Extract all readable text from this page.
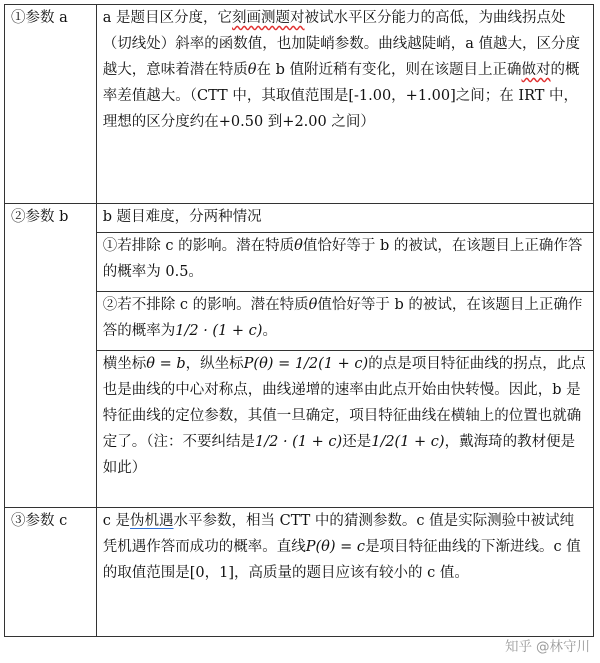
①参数 a	a 是题目区分度，它刻画测题对被试水平区分能力的高低，为曲线拐点处（切线处）斜率的函数值，也加陡峭参数。曲线越陡峭，a 值越大，区分度越大，意味着潜在特质θ在 b 值附近稍有变化，则在该题目上正确做对的概率差值越大。（CTT 中，其取值范围是[-1.00，+1.00]之间；在 IRT 中，理想的区分度约在+0.50 到+2.00 之间）
②参数 b	b 题目难度，分两种情况
	①若排除 c 的影响。潜在特质θ值恰好等于 b 的被试，在该题目上正确作答的概率为 0.5。
	②若不排除 c 的影响。潜在特质θ值恰好等于 b 的被试，在该题目上正确作答的概率为1/2 · (1 + c)。
	横坐标θ = b，纵坐标P(θ) = 1/2(1 + c)的点是项目特征曲线的拐点，此点也是曲线的中心对称点，曲线递增的速率由此点开始由快转慢。因此，b 是特征曲线的定位参数，其值一旦确定，项目特征曲线在横轴上的位置也就确定了。（注：不要纠结是1/2 · (1 + c)还是1/2(1 + c)，戴海琦的教材便是如此）
③参数 c	c 是伪机遇水平参数，相当 CTT 中的猜测参数。c 值是实际测验中被试纯凭机遇作答而成功的概率。直线P(θ) = c是项目特征曲线的下渐进线。c 值的取值范围是[0，1]，高质量的题目应该有较小的 c 值。
知乎 @林守川
